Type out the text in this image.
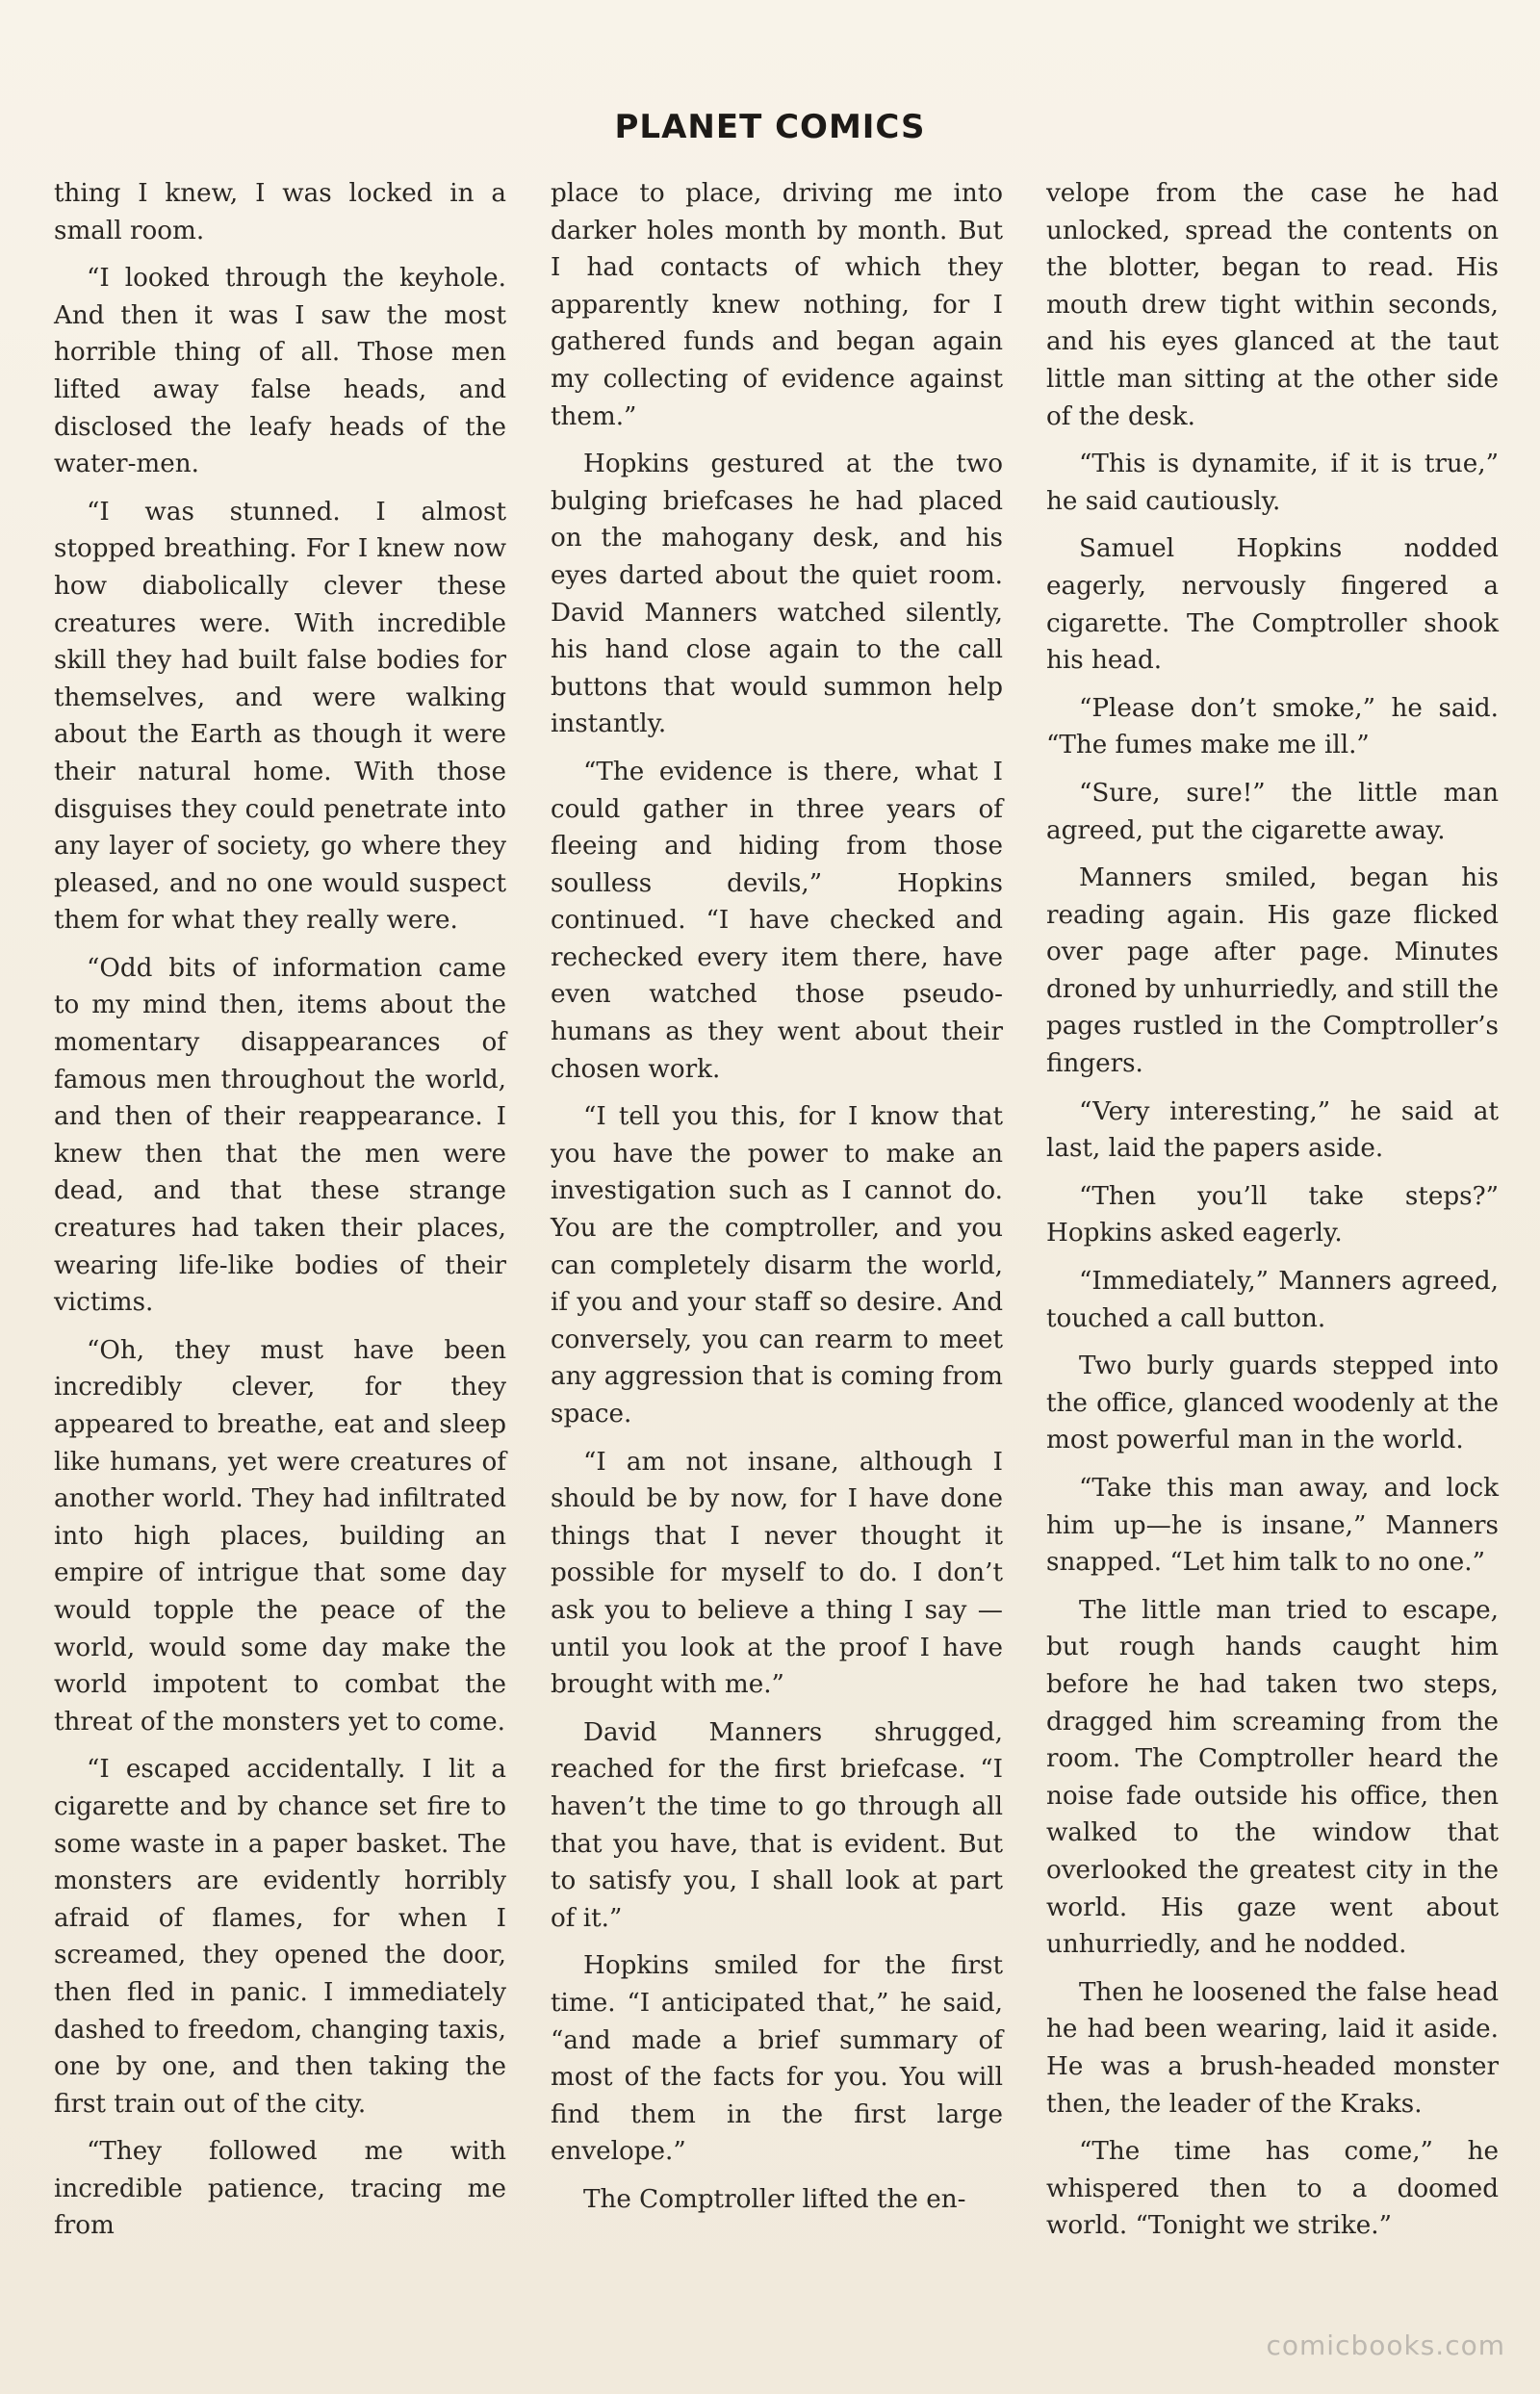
PLANET COMICS

thing I knew, I was locked in a small room.

“I looked through the keyhole. And then it was I saw the most horrible thing of all. Those men lifted away false heads, and disclosed the leafy heads of the water-men.

“I was stunned. I almost stopped breathing. For I knew now how diabolically clever these creatures were. With incredible skill they had built false bodies for themselves, and were walking about the Earth as though it were their natural home. With those disguises they could penetrate into any layer of society, go where they pleased, and no one would suspect them for what they really were.

“Odd bits of information came to my mind then, items about the momentary disappearances of famous men throughout the world, and then of their reappearance. I knew then that the men were dead, and that these strange creatures had taken their places, wearing life-like bodies of their victims.

“Oh, they must have been incredibly clever, for they appeared to breathe, eat and sleep like humans, yet were creatures of another world. They had infiltrated into high places, building an empire of intrigue that some day would topple the peace of the world, would some day make the world impotent to combat the threat of the monsters yet to come.

“I escaped accidentally. I lit a cigarette and by chance set fire to some waste in a paper basket. The monsters are evidently horribly afraid of flames, for when I screamed, they opened the door, then fled in panic. I immediately dashed to freedom, changing taxis, one by one, and then taking the first train out of the city.

“They followed me with incredible patience, tracing me from

place to place, driving me into darker holes month by month. But I had contacts of which they apparently knew nothing, for I gathered funds and began again my collecting of evidence against them.”

Hopkins gestured at the two bulging briefcases he had placed on the mahogany desk, and his eyes darted about the quiet room. David Manners watched silently, his hand close again to the call buttons that would summon help instantly.

“The evidence is there, what I could gather in three years of fleeing and hiding from those soulless devils,” Hopkins continued. “I have checked and rechecked every item there, have even watched those pseudo-humans as they went about their chosen work.

“I tell you this, for I know that you have the power to make an investigation such as I cannot do. You are the comptroller, and you can completely disarm the world, if you and your staff so desire. And conversely, you can rearm to meet any aggression that is coming from space.

“I am not insane, although I should be by now, for I have done things that I never thought it possible for myself to do. I don’t ask you to believe a thing I say —until you look at the proof I have brought with me.”

David Manners shrugged, reached for the first briefcase. “I haven’t the time to go through all that you have, that is evident. But to satisfy you, I shall look at part of it.”

Hopkins smiled for the first time. “I anticipated that,” he said, “and made a brief summary of most of the facts for you. You will find them in the first large envelope.”

The Comptroller lifted the en-

velope from the case he had unlocked, spread the contents on the blotter, began to read. His mouth drew tight within seconds, and his eyes glanced at the taut little man sitting at the other side of the desk.

“This is dynamite, if it is true,” he said cautiously.

Samuel Hopkins nodded eagerly, nervously fingered a cigarette. The Comptroller shook his head.

“Please don’t smoke,” he said. “The fumes make me ill.”

“Sure, sure!” the little man agreed, put the cigarette away.

Manners smiled, began his reading again. His gaze flicked over page after page. Minutes droned by unhurriedly, and still the pages rustled in the Comptroller’s fingers.

“Very interesting,” he said at last, laid the papers aside.

“Then you’ll take steps?” Hopkins asked eagerly.

“Immediately,” Manners agreed, touched a call button.

Two burly guards stepped into the office, glanced woodenly at the most powerful man in the world.

“Take this man away, and lock him up—he is insane,” Manners snapped. “Let him talk to no one.”

The little man tried to escape, but rough hands caught him before he had taken two steps, dragged him screaming from the room. The Comptroller heard the noise fade outside his office, then walked to the window that overlooked the greatest city in the world. His gaze went about unhurriedly, and he nodded.

Then he loosened the false head he had been wearing, laid it aside. He was a brush-headed monster then, the leader of the Kraks.

“The time has come,” he whispered then to a doomed world. “Tonight we strike.”

comicbooks.com
